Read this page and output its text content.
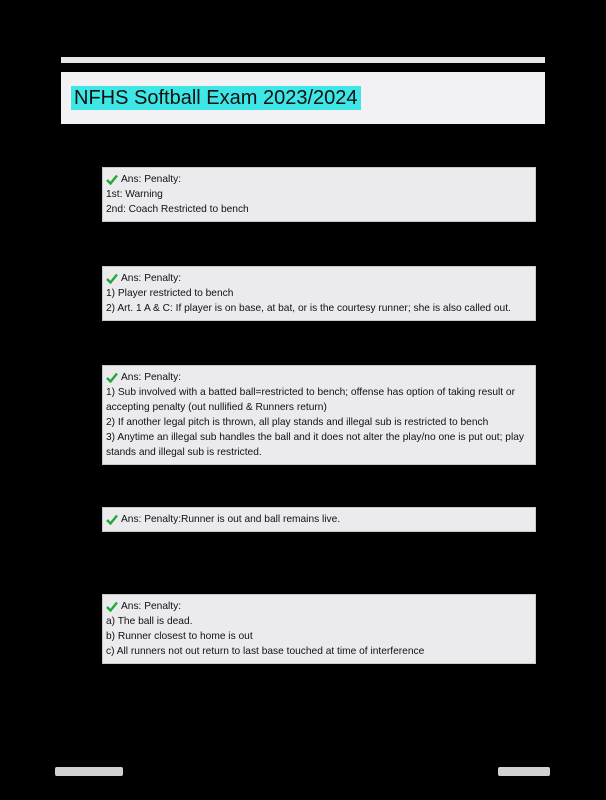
NFHS Softball Exam 2023/2024
Ans: Penalty:
1st: Warning
2nd: Coach Restricted to bench
Ans: Penalty:
1) Player restricted to bench
2) Art. 1 A & C: If player is on base, at bat, or is the courtesy runner; she is also called out.
Ans: Penalty:
1) Sub involved with a batted ball=restricted to bench; offense has option of taking result or accepting penalty (out nullified & Runners return)
2) If another legal pitch is thrown, all play stands and illegal sub is restricted to bench
3) Anytime an illegal sub handles the ball and it does not alter the play/no one is put out; play stands and illegal sub is restricted.
Ans: Penalty:Runner is out and ball remains live.
Ans: Penalty:
a) The ball is dead.
b) Runner closest to home is out
c) All runners not out return to last base touched at time of interference
